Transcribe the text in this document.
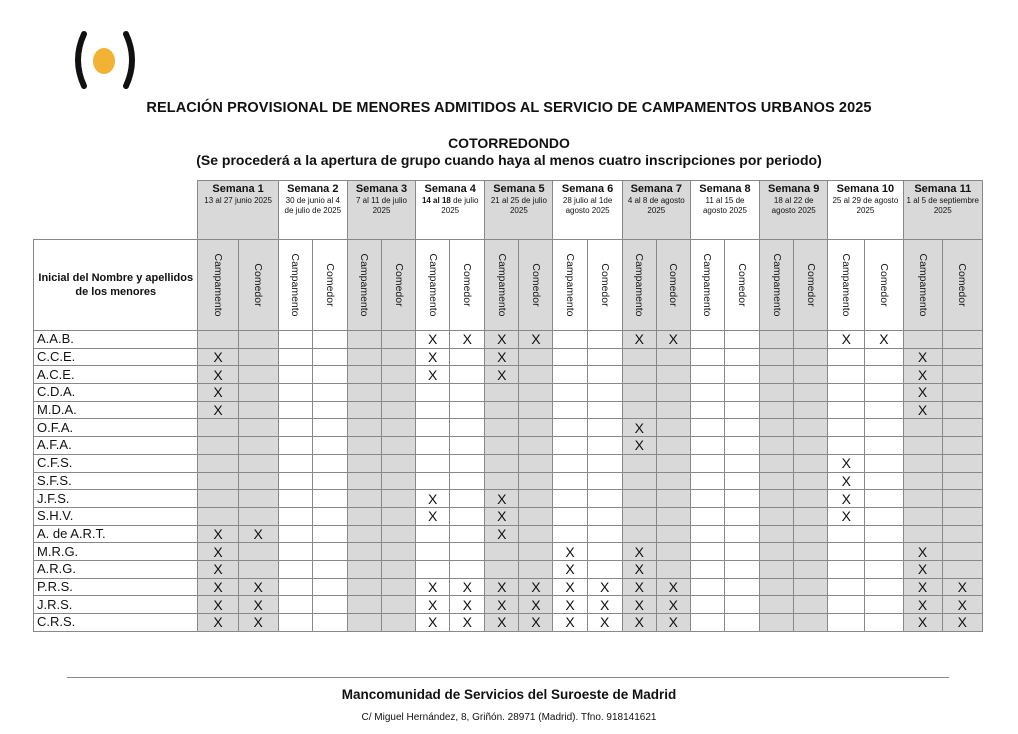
RELACIÓN PROVISIONAL DE MENORES ADMITIDOS AL SERVICIO DE CAMPAMENTOS URBANOS 2025
COTORREDONDO
(Se procederá a la apertura de grupo cuando haya al menos cuatro inscripciones por periodo)

	Semana 1
13 al 27 junio 2025		Semana 2
30 de junio al 4 de julio de 2025		Semana 3
7 al 11 de julio 2025		Semana 4
14 al 18 de julio 2025		Semana 5
21 al 25 de julio 2025		Semana 6
28 julio al 1de agosto 2025		Semana 7
4 al 8 de agosto 2025		Semana 8
11 al 15 de agosto 2025		Semana 9
18 al 22 de agosto 2025		Semana 10
25 al 29 de agosto 2025		Semana 11
1 al 5 de septiembre 2025	

Inicial del Nombre y apellidos de los menores	Campamento	Comedor	Campamento	Comedor	Campamento	Comedor	Campamento	Comedor	Campamento	Comedor	Campamento	Comedor	Campamento	Comedor	Campamento	Comedor	Campamento	Comedor	Campamento	Comedor	Campamento	Comedor

A.A.B.							X	X	X	X			X	X					X	X		
C.C.E.	X						X		X												X	
A.C.E.	X						X		X												X	
C.D.A.	X																				X	
M.D.A.	X																				X	
O.F.A.													X									
A.F.A.													X									
C.F.S.																			X			
S.F.S.																			X			
J.F.S.							X		X										X			
S.H.V.							X		X										X			
A. de A.R.T.	X	X							X													
M.R.G.	X										X		X								X	
A.R.G.	X										X		X								X	
P.R.S.	X	X					X	X	X	X	X	X	X	X							X	X
J.R.S.	X	X					X	X	X	X	X	X	X	X							X	X
C.R.S.	X	X					X	X	X	X	X	X	X	X							X	X
Mancomunidad de Servicios del Suroeste de Madrid
C/ Miguel Hernández, 8, Griñón. 28971 (Madrid). Tfno. 918141621
